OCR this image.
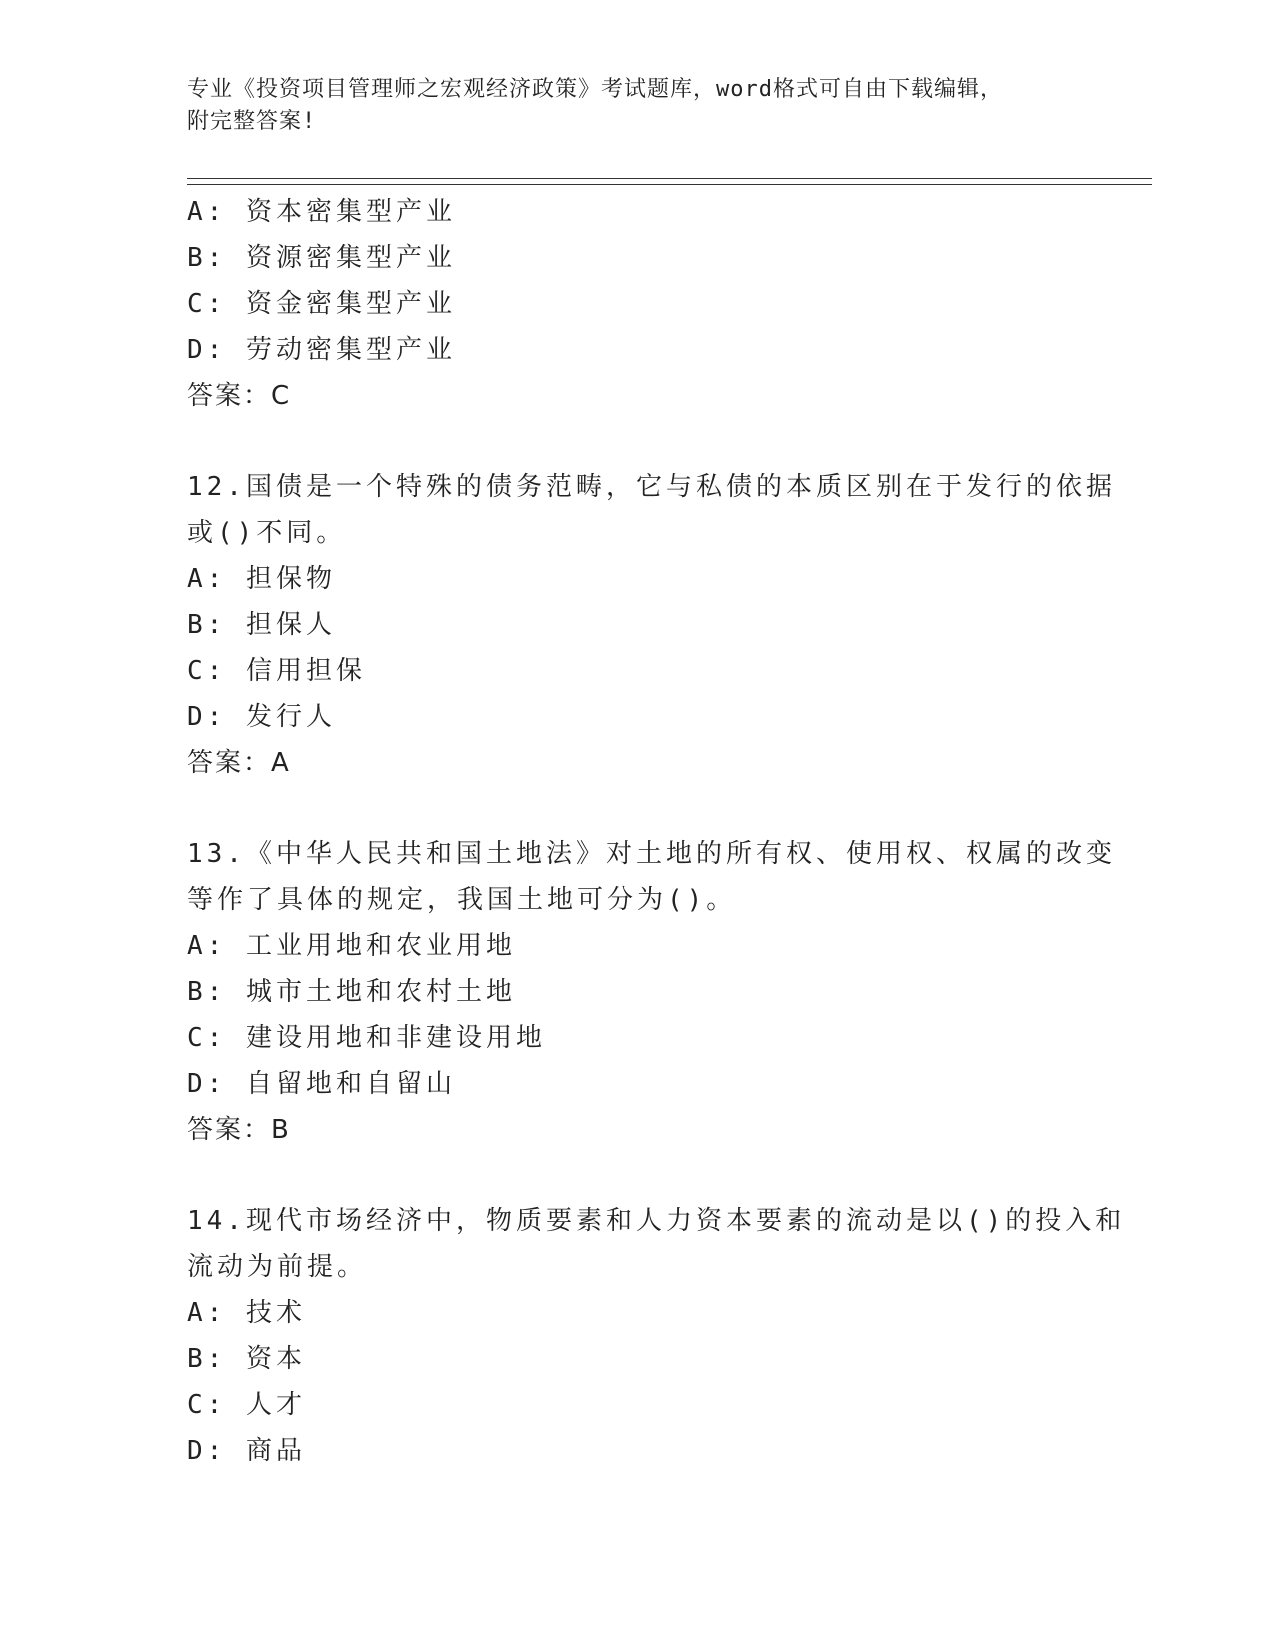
专业《投资项目管理师之宏观经济政策》考试题库，word格式可自由下载编辑，
附完整答案!
A: 资本密集型产业
B: 资源密集型产业
C: 资金密集型产业
D: 劳动密集型产业
答案：C
12.国债是一个特殊的债务范畴，它与私债的本质区别在于发行的依据
或()不同。
A: 担保物
B: 担保人
C: 信用担保
D: 发行人
答案：A
13.《中华人民共和国土地法》对土地的所有权、使用权、权属的改变
等作了具体的规定，我国土地可分为()。
A: 工业用地和农业用地
B: 城市土地和农村土地
C: 建设用地和非建设用地
D: 自留地和自留山
答案：B
14.现代市场经济中，物质要素和人力资本要素的流动是以()的投入和
流动为前提。
A: 技术
B: 资本
C: 人才
D: 商品
